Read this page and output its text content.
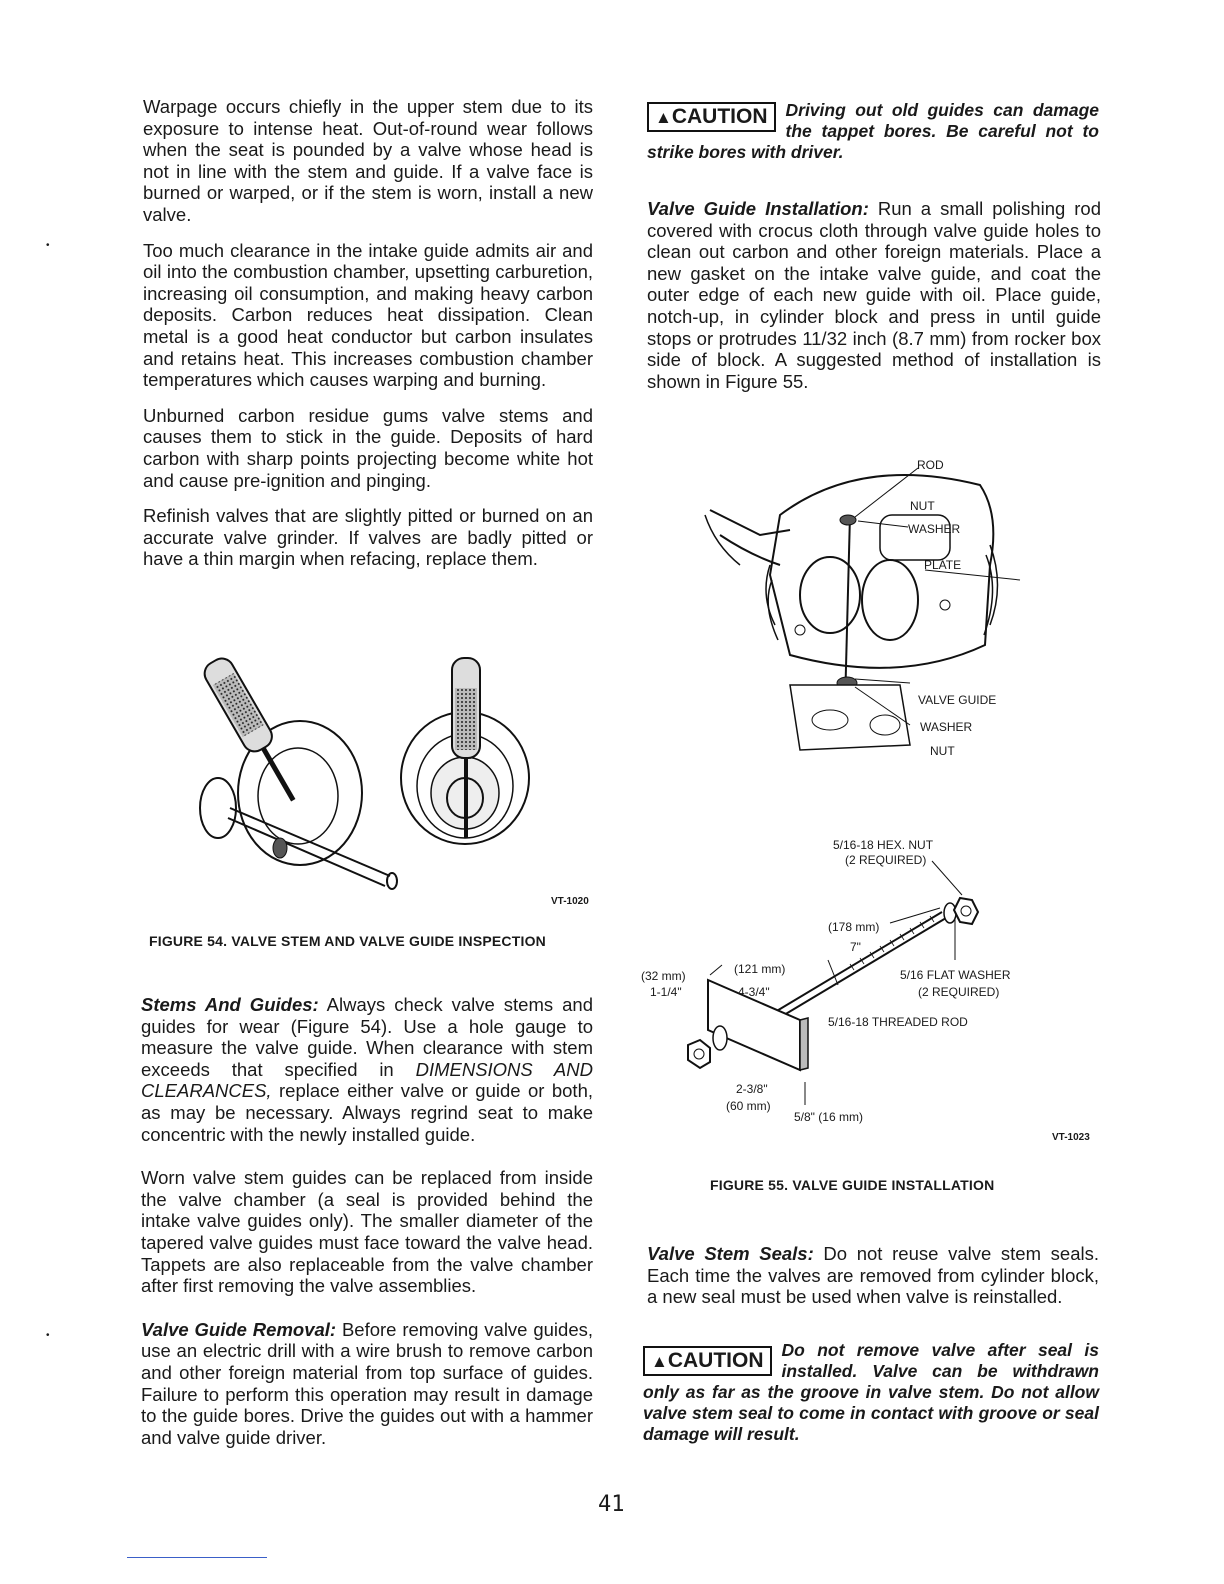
Warpage occurs chiefly in the upper stem due to its exposure to intense heat. Out-of-round wear follows when the seat is pounded by a valve whose head is not in line with the stem and guide. If a valve face is burned or warped, or if the stem is worn, install a new valve.

Too much clearance in the intake guide admits air and oil into the combustion chamber, upsetting carburetion, increasing oil consumption, and making heavy carbon deposits. Carbon reduces heat dissipation. Clean metal is a good heat conductor but carbon insulates and retains heat. This increases combustion chamber temperatures which causes warping and burning.

Unburned carbon residue gums valve stems and causes them to stick in the guide. Deposits of hard carbon with sharp points projecting become white hot and cause pre-ignition and pinging.

Refinish valves that are slightly pitted or burned on an accurate valve grinder. If valves are badly pitted or have a thin margin when refacing, replace them.

VT-1020
FIGURE 54. VALVE STEM AND VALVE GUIDE INSPECTION

Stems And Guides: Always check valve stems and guides for wear (Figure 54). Use a hole gauge to measure the valve guide. When clearance with stem exceeds that specified in DIMENSIONS AND CLEARANCES, replace either valve or guide or both, as may be necessary. Always regrind seat to make concentric with the newly installed guide.

Worn valve stem guides can be replaced from inside the valve chamber (a seal is provided behind the intake valve guides only). The smaller diameter of the tapered valve guides must face toward the valve head. Tappets are also replaceable from the valve chamber after first removing the valve assemblies.

Valve Guide Removal: Before removing valve guides, use an electric drill with a wire brush to remove carbon and other foreign material from top surface of guides. Failure to perform this operation may result in damage to the guide bores. Drive the guides out with a hammer and valve guide driver.

▲CAUTION	Driving out old guides can damage the tappet bores. Be careful not to strike bores with driver.

Valve Guide Installation: Run a small polishing rod covered with crocus cloth through valve guide holes to clean out carbon and other foreign materials. Place a new gasket on the intake valve guide, and coat the outer edge of each new guide with oil. Place guide, notch-up, in cylinder block and press in until guide stops or protrudes 11/32 inch (8.7 mm) from rocker box side of block. A suggested method of installation is shown in Figure 55.

ROD
NUT
WASHER
PLATE
VALVE GUIDE
WASHER
NUT
5/16-18 HEX. NUT
(2 REQUIRED)
(178 mm)
7"
5/16 FLAT WASHER
(2 REQUIRED)
(32 mm)
1-1/4"
(121 mm)
4-3/4"
5/16-18 THREADED ROD
2-3/8"
(60 mm)
5/8" (16 mm)
VT-1023
FIGURE 55. VALVE GUIDE INSTALLATION

Valve Stem Seals: Do not reuse valve stem seals. Each time the valves are removed from cylinder block, a new seal must be used when valve is reinstalled.

▲CAUTION	Do not remove valve after seal is installed. Valve can be withdrawn only as far as the groove in valve stem. Do not allow valve stem seal to come in contact with groove or seal damage will result.

•
•
41
